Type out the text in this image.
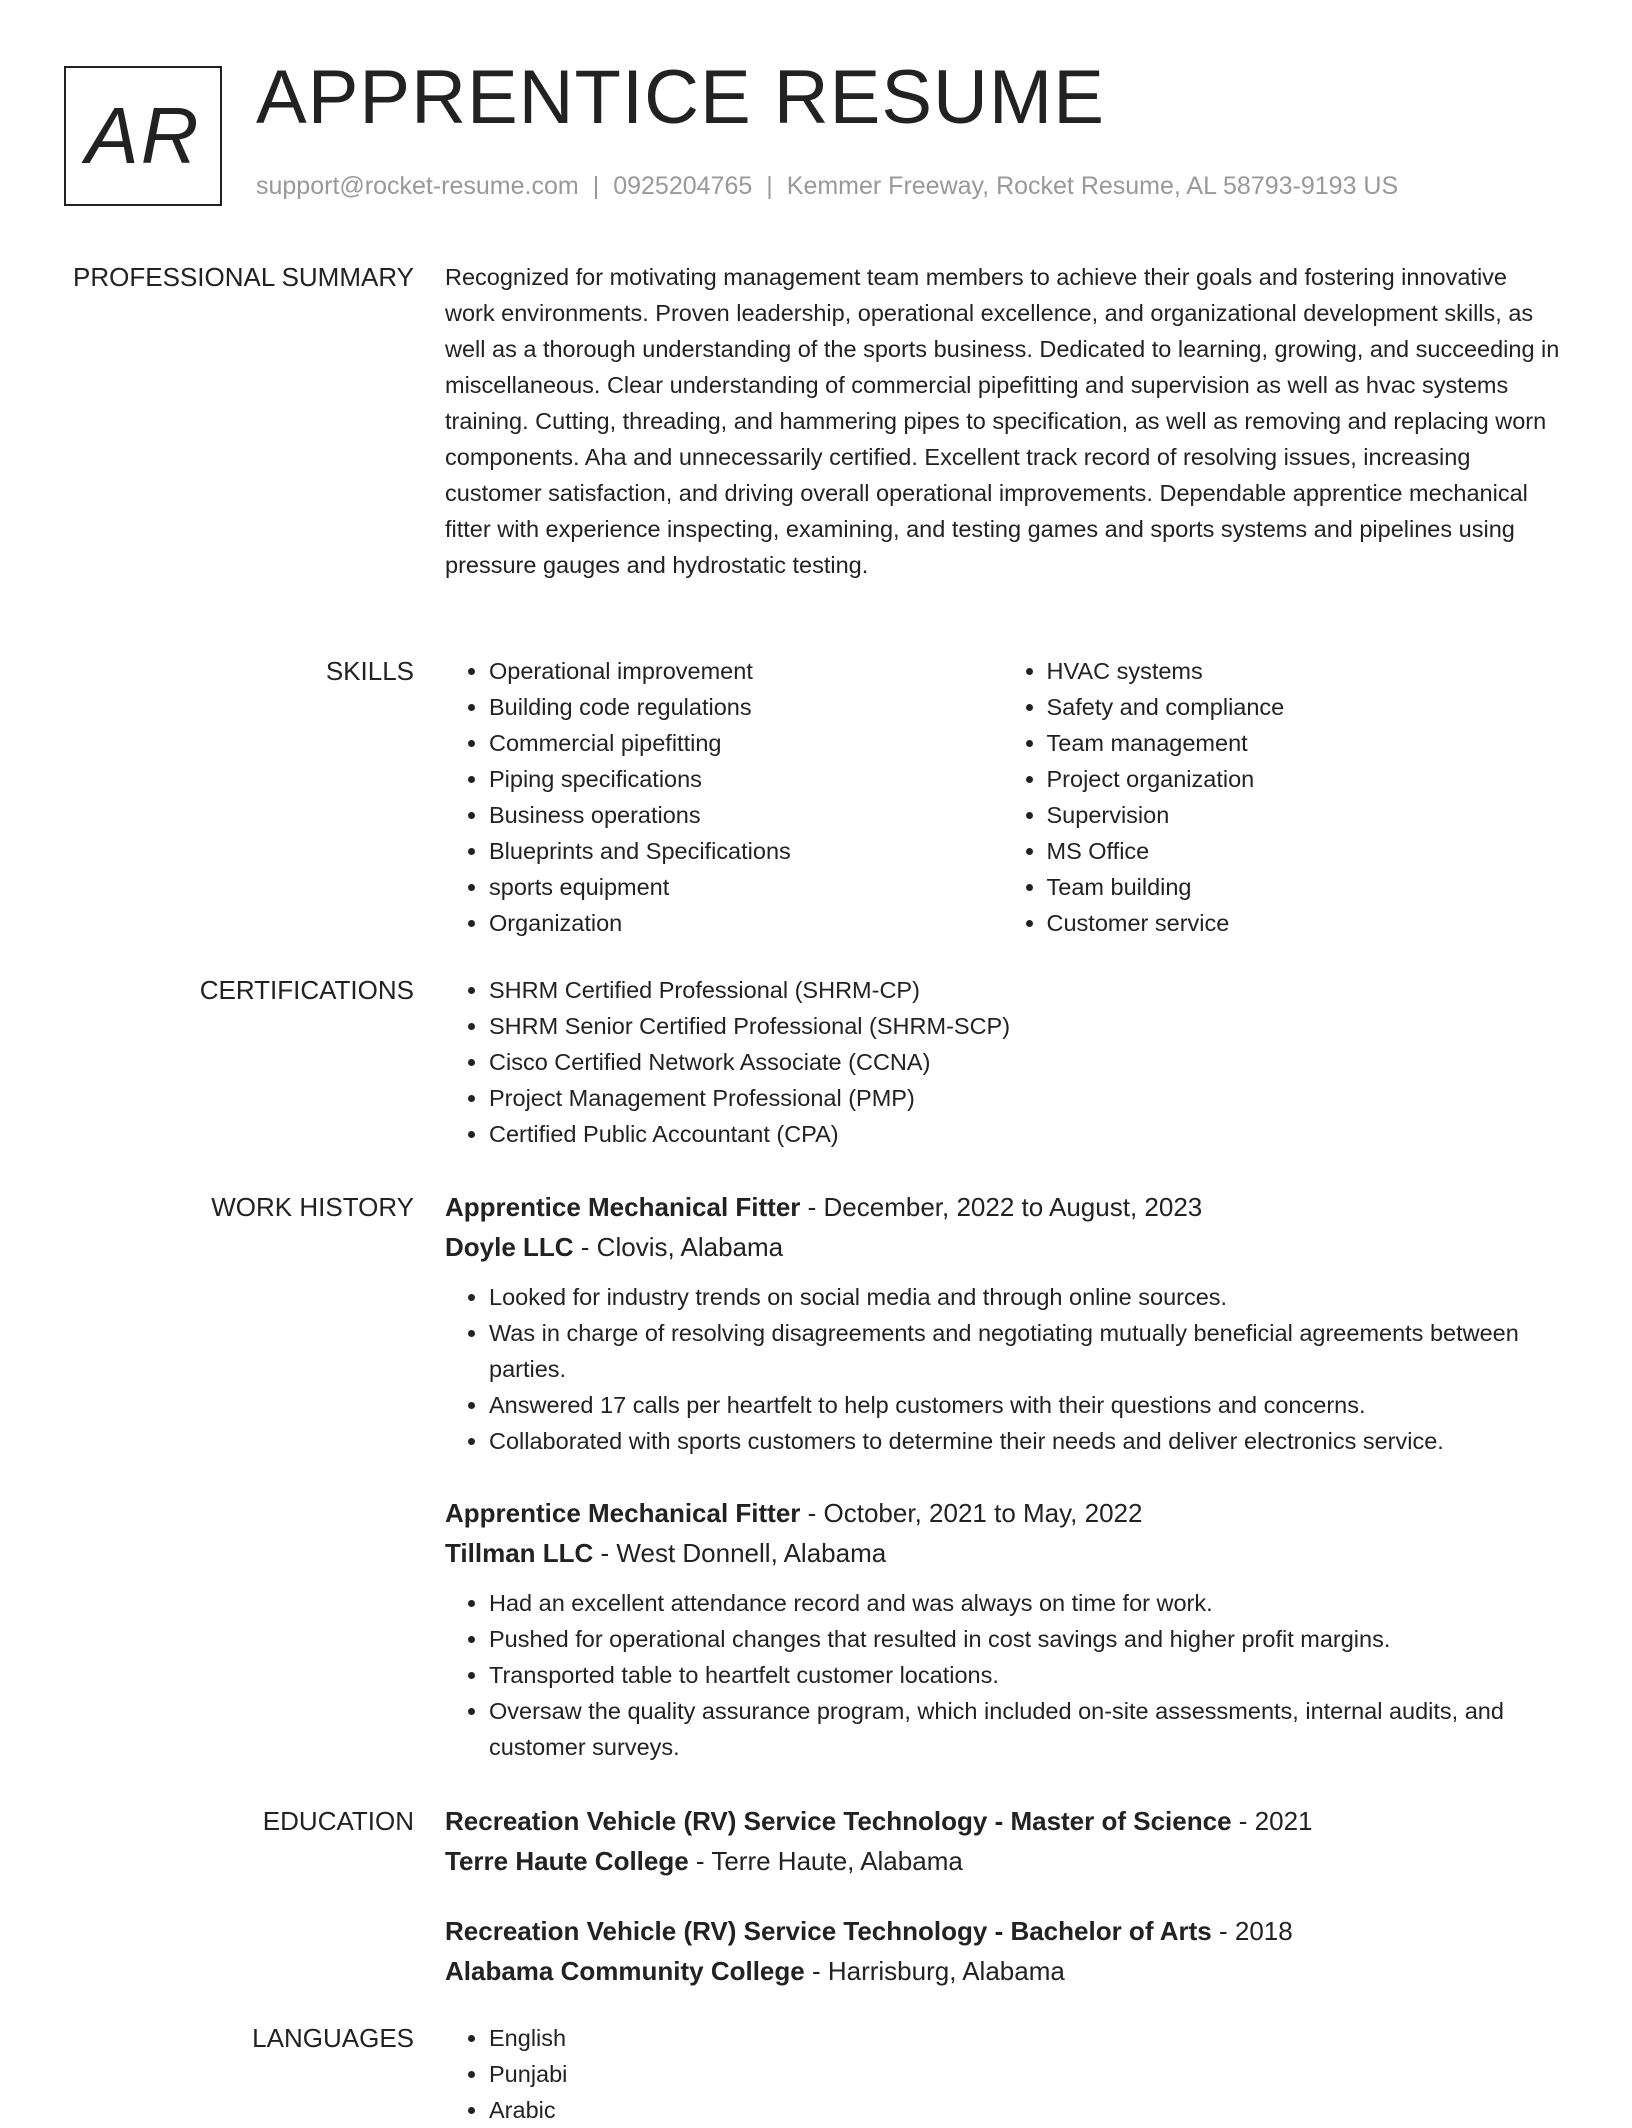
AR APPRENTICE RESUME
support@rocket-resume.com | 0925204765 | Kemmer Freeway, Rocket Resume, AL 58793-9193 US
PROFESSIONAL SUMMARY Recognized for motivating management team members to achieve their goals and fostering innovative work environments. Proven leadership, operational excellence, and organizational development skills, as well as a thorough understanding of the sports business. Dedicated to learning, growing, and succeeding in miscellaneous. Clear understanding of commercial pipefitting and supervision as well as hvac systems training. Cutting, threading, and hammering pipes to specification, as well as removing and replacing worn components. Aha and unnecessarily certified. Excellent track record of resolving issues, increasing customer satisfaction, and driving overall operational improvements. Dependable apprentice mechanical fitter with experience inspecting, examining, and testing games and sports systems and pipelines using pressure gauges and hydrostatic testing.

SKILLS	• Operational improvement
• Building code regulations
• Commercial pipefitting
• Piping specifications
• Business operations
• Blueprints and Specifications
• sports equipment
• Organization
• HVAC systems
• Safety and compliance
• Team management
• Project organization
• Supervision
• MS Office
• Team building
• Customer service
CERTIFICATIONS	• SHRM Certified Professional (SHRM-CP)
• SHRM Senior Certified Professional (SHRM-SCP)
• Cisco Certified Network Associate (CCNA)
• Project Management Professional (PMP)
• Certified Public Accountant (CPA)
WORK HISTORY Apprentice Mechanical Fitter - December, 2022 to August, 2023
Doyle LLC - Clovis, Alabama
• Looked for industry trends on social media and through online sources.
• Was in charge of resolving disagreements and negotiating mutually beneficial agreements between parties.
• Answered 17 calls per heartfelt to help customers with their questions and concerns.
• Collaborated with sports customers to determine their needs and deliver electronics service.
Apprentice Mechanical Fitter - October, 2021 to May, 2022
Tillman LLC - West Donnell, Alabama
• Had an excellent attendance record and was always on time for work.
• Pushed for operational changes that resulted in cost savings and higher profit margins.
• Transported table to heartfelt customer locations.
• Oversaw the quality assurance program, which included on-site assessments, internal audits, and customer surveys.
EDUCATION Recreation Vehicle (RV) Service Technology - Master of Science - 2021
Terre Haute College - Terre Haute, Alabama
Recreation Vehicle (RV) Service Technology - Bachelor of Arts - 2018
Alabama Community College - Harrisburg, Alabama
LANGUAGES	• English
• Punjabi
• Arabic
